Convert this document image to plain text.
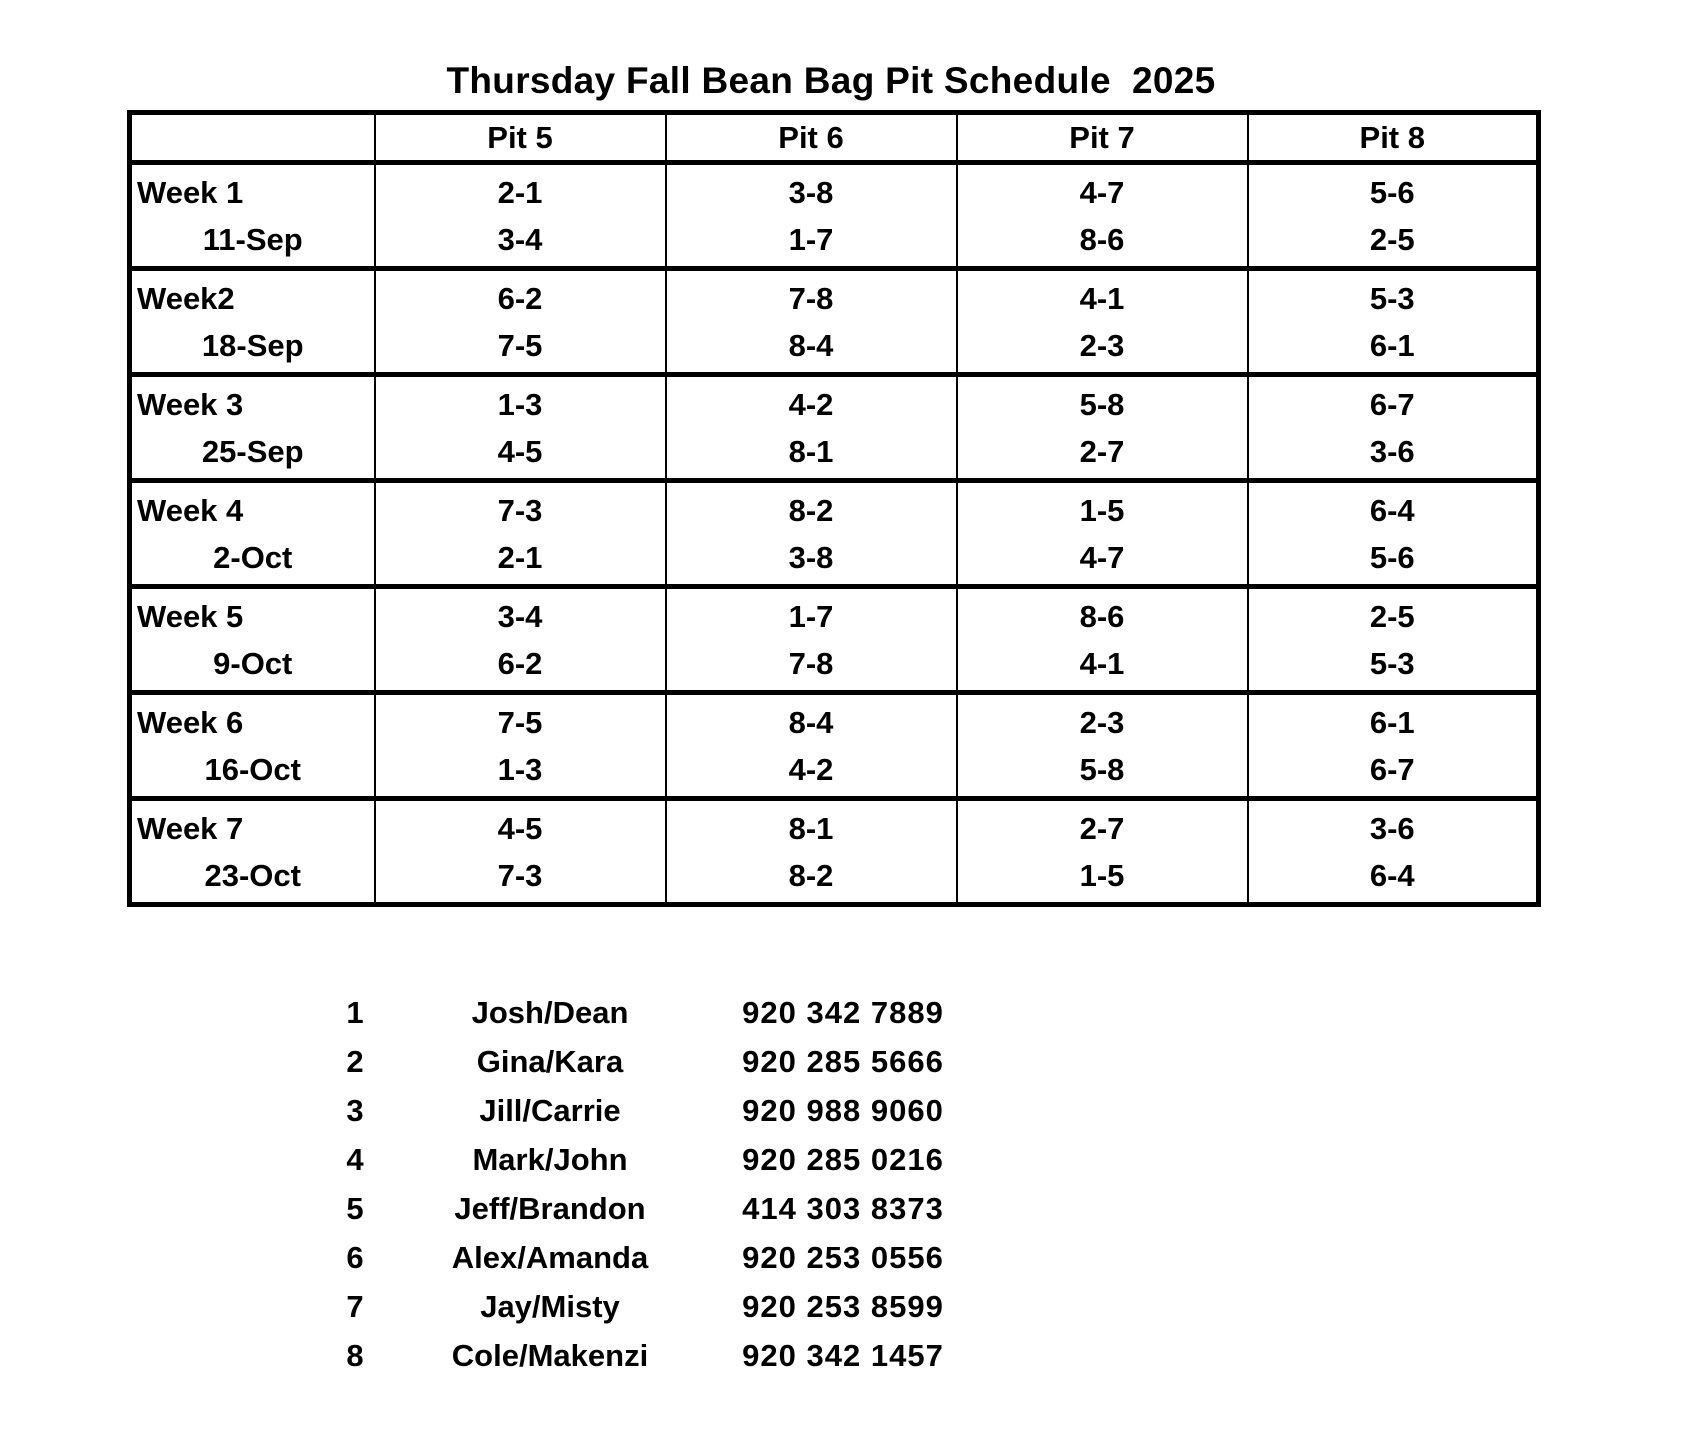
Thursday Fall Bean Bag Pit Schedule  2025
	Pit 5	Pit 6	Pit 7	Pit 8
Week 1	2-1	3-8	4-7	5-6
11-Sep	3-4	1-7	8-6	2-5
Week2	6-2	7-8	4-1	5-3
18-Sep	7-5	8-4	2-3	6-1
Week 3	1-3	4-2	5-8	6-7
25-Sep	4-5	8-1	2-7	3-6
Week 4	7-3	8-2	1-5	6-4
2-Oct	2-1	3-8	4-7	5-6
Week 5	3-4	1-7	8-6	2-5
9-Oct	6-2	7-8	4-1	5-3
Week 6	7-5	8-4	2-3	6-1
16-Oct	1-3	4-2	5-8	6-7
Week 7	4-5	8-1	2-7	3-6
23-Oct	7-3	8-2	1-5	6-4
1	Josh/Dean	920 342 7889
2	Gina/Kara	920 285 5666
3	Jill/Carrie	920 988 9060
4	Mark/John	920 285 0216
5	Jeff/Brandon	414 303 8373
6	Alex/Amanda	920 253 0556
7	Jay/Misty	920 253 8599
8	Cole/Makenzi	920 342 1457
